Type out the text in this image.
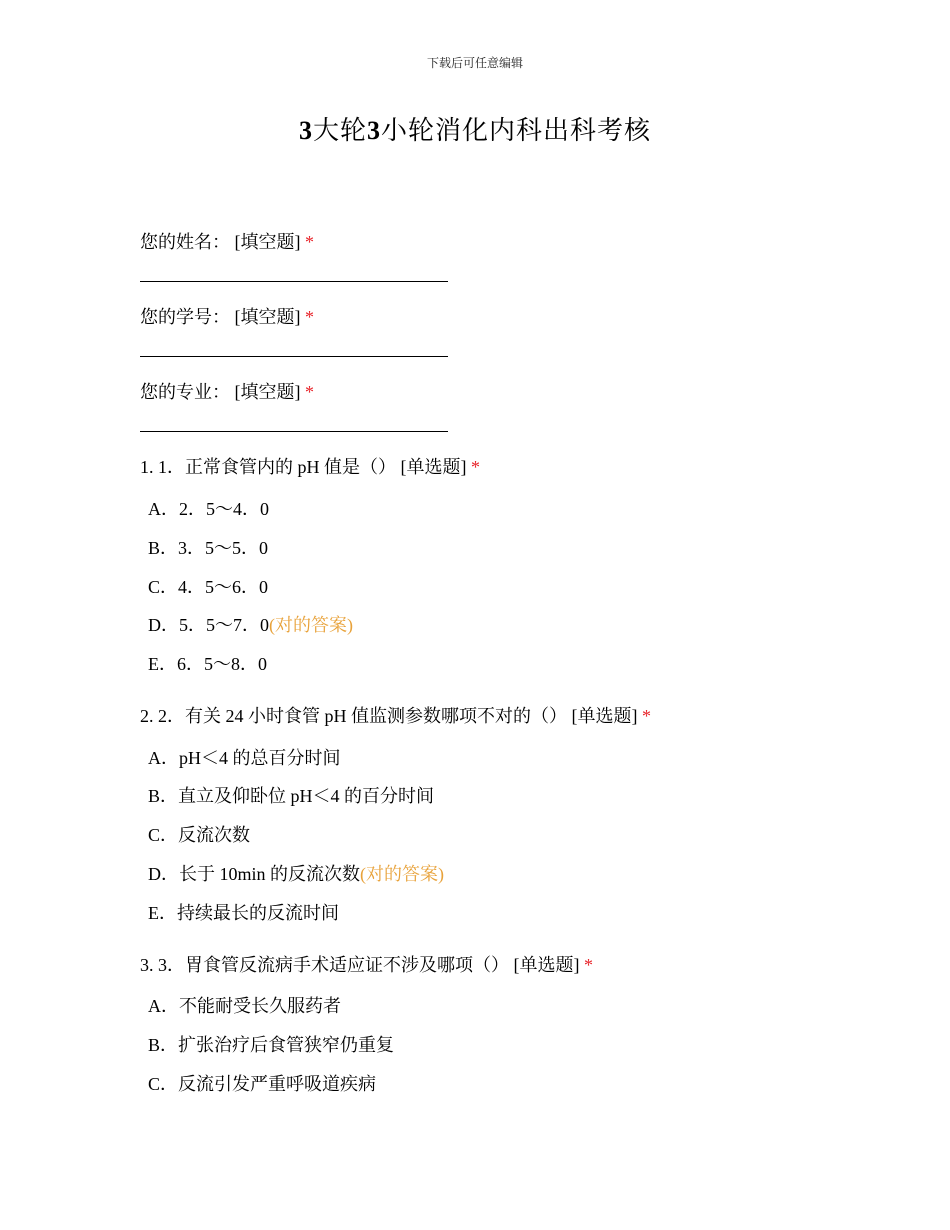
下载后可任意编辑
3大轮3小轮消化内科出科考核
您的姓名： [填空题] *
您的学号： [填空题] *
您的专业： [填空题] *
1. 1．正常食管内的 pH 值是（） [单选题] *
A．2．5～4．0
B．3．5～5．0
C．4．5～6．0
D．5．5～7．0(对的答案)
E．6．5～8．0
2. 2．有关 24 小时食管 pH 值监测参数哪项不对的（） [单选题] *
A．pH＜4 的总百分时间
B．直立及仰卧位 pH＜4 的百分时间
C．反流次数
D．长于 10min 的反流次数(对的答案)
E．持续最长的反流时间
3. 3．胃食管反流病手术适应证不涉及哪项（） [单选题] *
A．不能耐受长久服药者
B．扩张治疗后食管狭窄仍重复
C．反流引发严重呼吸道疾病
